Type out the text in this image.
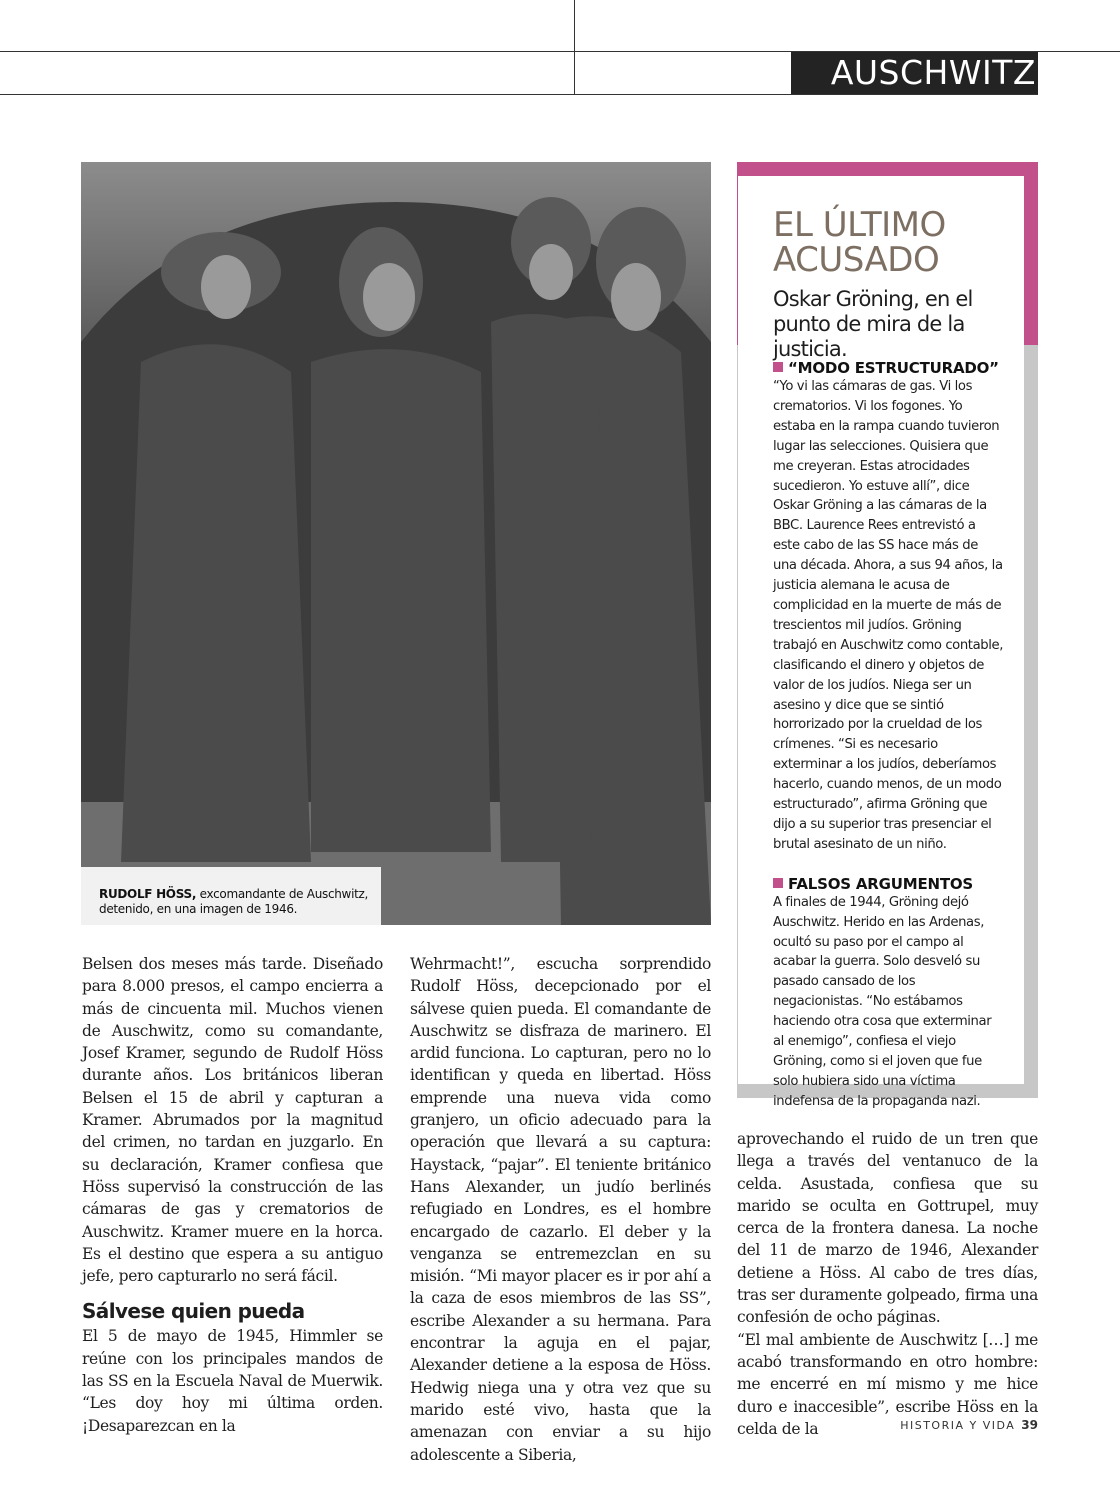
AUSCHWITZ
RUDOLF HÖSS, excomandante de Auschwitz, detenido, en una imagen de 1946.

Belsen dos meses más tarde. Diseñado para 8.000 presos, el campo encierra a más de cincuenta mil. Muchos vienen de Auschwitz, como su comandante, Josef Kramer, segundo de Rudolf Höss durante años. Los británicos liberan Belsen el 15 de abril y capturan a Kramer. Abrumados por la magnitud del crimen, no tardan en juzgarlo. En su declaración, Kramer confiesa que Höss supervisó la construcción de las cámaras de gas y crematorios de Auschwitz. Kramer muere en la horca. Es el destino que espera a su antiguo jefe, pero capturarlo no será fácil.

Sálvese quien pueda

El 5 de mayo de 1945, Himmler se reúne con los principales mandos de las SS en la Escuela Naval de Muerwik. “Les doy hoy mi última orden. ¡Desaparezcan en la

Wehrmacht!”, escucha sorprendido Rudolf Höss, decepcionado por el sálvese quien pueda. El comandante de Auschwitz se disfraza de marinero. El ardid funciona. Lo capturan, pero no lo identifican y queda en libertad. Höss emprende una nueva vida como granjero, un oficio adecuado para la operación que llevará a su captura: Haystack, “pajar”. El teniente británico Hans Alexander, un judío berlinés refugiado en Londres, es el hombre encargado de cazarlo. El deber y la venganza se entremezclan en su misión. “Mi mayor placer es ir por ahí a la caza de esos miembros de las SS”, escribe Alexander a su hermana. Para encontrar la aguja en el pajar, Alexander detiene a la esposa de Höss. Hedwig niega una y otra vez que su marido esté vivo, hasta que la amenazan con enviar a su hijo adolescente a Siberia,

aprovechando el ruido de un tren que llega a través del ventanuco de la celda. Asustada, confiesa que su marido se oculta en Gottrupel, muy cerca de la frontera danesa. La noche del 11 de marzo de 1946, Alexander detiene a Höss. Al cabo de tres días, tras ser duramente golpeado, firma una confesión de ocho páginas.

“El mal ambiente de Auschwitz […] me acabó transformando en otro hombre: me encerré en mí mismo y me hice duro e inaccesible”, escribe Höss en la celda de la

EL ÚLTIMO ACUSADO
Oskar Gröning, en el punto de mira de la justicia.

“MODO ESTRUCTURADO”

“Yo vi las cámaras de gas. Vi los crematorios. Vi los fogones. Yo estaba en la rampa cuando tuvieron lugar las selecciones. Quisiera que me creyeran. Estas atrocidades sucedieron. Yo estuve allí”, dice Oskar Gröning a las cámaras de la BBC. Laurence Rees entrevistó a este cabo de las SS hace más de una década. Ahora, a sus 94 años, la justicia alemana le acusa de complicidad en la muerte de más de trescientos mil judíos. Gröning trabajó en Auschwitz como contable, clasificando el dinero y objetos de valor de los judíos. Niega ser un asesino y dice que se sintió horrorizado por la crueldad de los crímenes. “Si es necesario exterminar a los judíos, deberíamos hacerlo, cuando menos, de un modo estructurado”, afirma Gröning que dijo a su superior tras presenciar el brutal asesinato de un niño.

FALSOS ARGUMENTOS

A finales de 1944, Gröning dejó Auschwitz. Herido en las Ardenas, ocultó su paso por el campo al acabar la guerra. Solo desveló su pasado cansado de los negacionistas. “No estábamos haciendo otra cosa que exterminar al enemigo”, confiesa el viejo Gröning, como si el joven que fue solo hubiera sido una víctima indefensa de la propaganda nazi.

HISTORIA Y VIDA 39
